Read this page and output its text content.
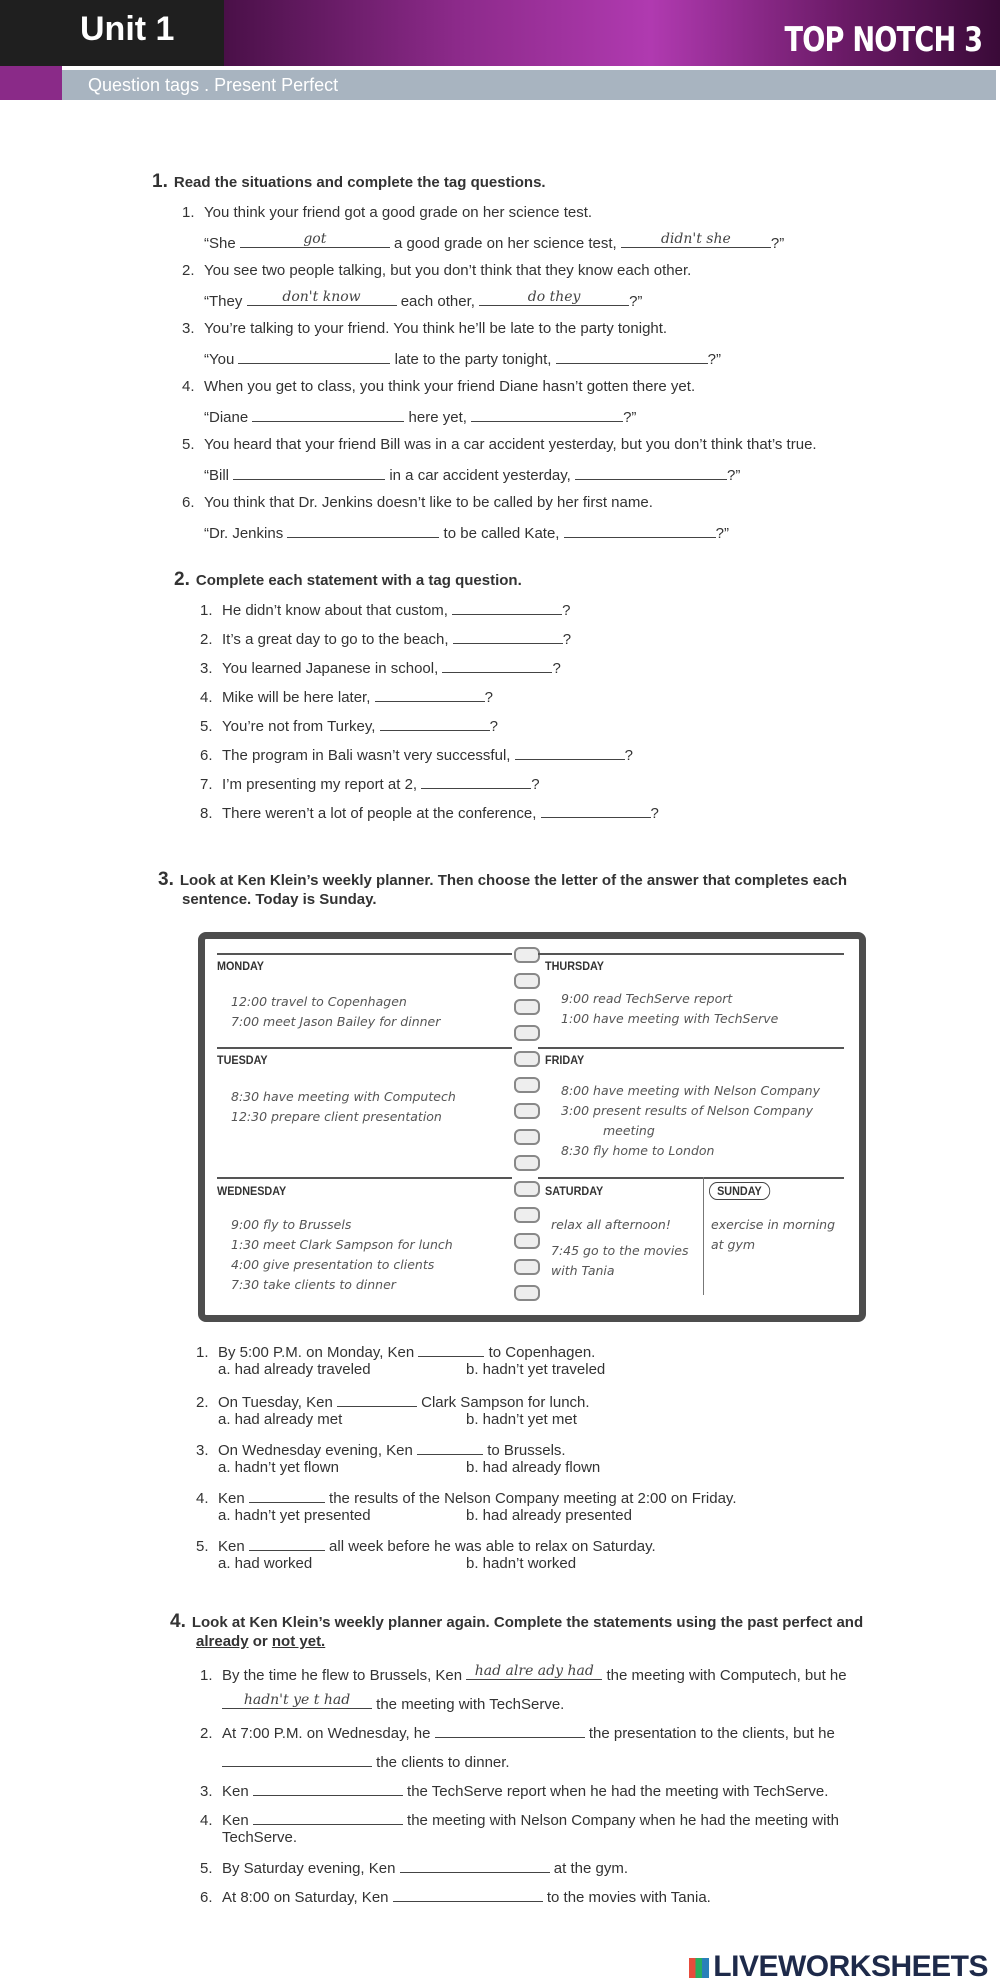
Unit 1	TOP NOTCH 3
Question tags . Present Perfect
1. Read the situations and complete the tag questions.
1. You think your friend got a good grade on her science test.
“She	got	a good grade on her science test,	didn't she	?”
2. You see two people talking, but you don’t think that they know each other.
“They	don't know	each other,	do they	?”
3. You’re talking to your friend. You think he’ll be late to the party tonight.
“You	late to the party tonight,	?”
4. When you get to class, you think your friend Diane hasn’t gotten there yet.
“Diane	here yet,	?”
5. You heard that your friend Bill was in a car accident yesterday, but you don’t think that’s true.
“Bill	in a car accident yesterday,	?”
6. You think that Dr. Jenkins doesn’t like to be called by her first name.
“Dr. Jenkins	to be called Kate,	?”
2. Complete each statement with a tag question.
1. He didn’t know about that custom,	?
2. It’s a great day to go to the beach,	?
3. You learned Japanese in school,	?
4. Mike will be here later,	?
5. You’re not from Turkey,	?
6. The program in Bali wasn’t very successful,	?
7. I’m presenting my report at 2,	?
8. There weren’t a lot of people at the conference,	?
3. Look at Ken Klein’s weekly planner. Then choose the letter of the answer that completes each
sentence. Today is Sunday.
MONDAY
12:00 travel to Copenhagen
7:00 meet Jason Bailey for dinner
TUESDAY
8:30 have meeting with Computech
12:30 prepare client presentation
WEDNESDAY
9:00 fly to Brussels
1:30 meet Clark Sampson for lunch
4:00 give presentation to clients
7:30 take clients to dinner
THURSDAY
9:00 read TechServe report
1:00 have meeting with TechServe
FRIDAY
8:00 have meeting with Nelson Company
3:00 present results of Nelson Company
meeting
8:30 fly home to London
SATURDAY
relax all afternoon!
7:45 go to the movies
with Tania
SUNDAY
exercise in morning
at gym
1. By 5:00 P.M. on Monday, Ken	to Copenhagen.
a. had already traveled	b. hadn’t yet traveled
2. On Tuesday, Ken	Clark Sampson for lunch.
a. had already met	b. hadn’t yet met
3. On Wednesday evening, Ken	to Brussels.
a. hadn’t yet flown	b. had already flown
4. Ken	the results of the Nelson Company meeting at 2:00 on Friday.
a. hadn’t yet presented	b. had already presented
5. Ken	all week before he was able to relax on Saturday.
a. had worked	b. hadn’t worked
4. Look at Ken Klein’s weekly planner again. Complete the statements using the past perfect and
already or not yet.
1. By the time he flew to Brussels, Ken had alre ady had the meeting with Computech, but he
hadn't ye t had	the meeting with TechServe.
2. At 7:00 P.M. on Wednesday, he	the presentation to the clients, but he
the clients to dinner.
3. Ken	the TechServe report when he had the meeting with TechServe.
4. Ken	the meeting with Nelson Company when he had the meeting with
TechServe.
5. By Saturday evening, Ken	at the gym.
6. At 8:00 on Saturday, Ken	to the movies with Tania.
LIVEWORKSHEETS
